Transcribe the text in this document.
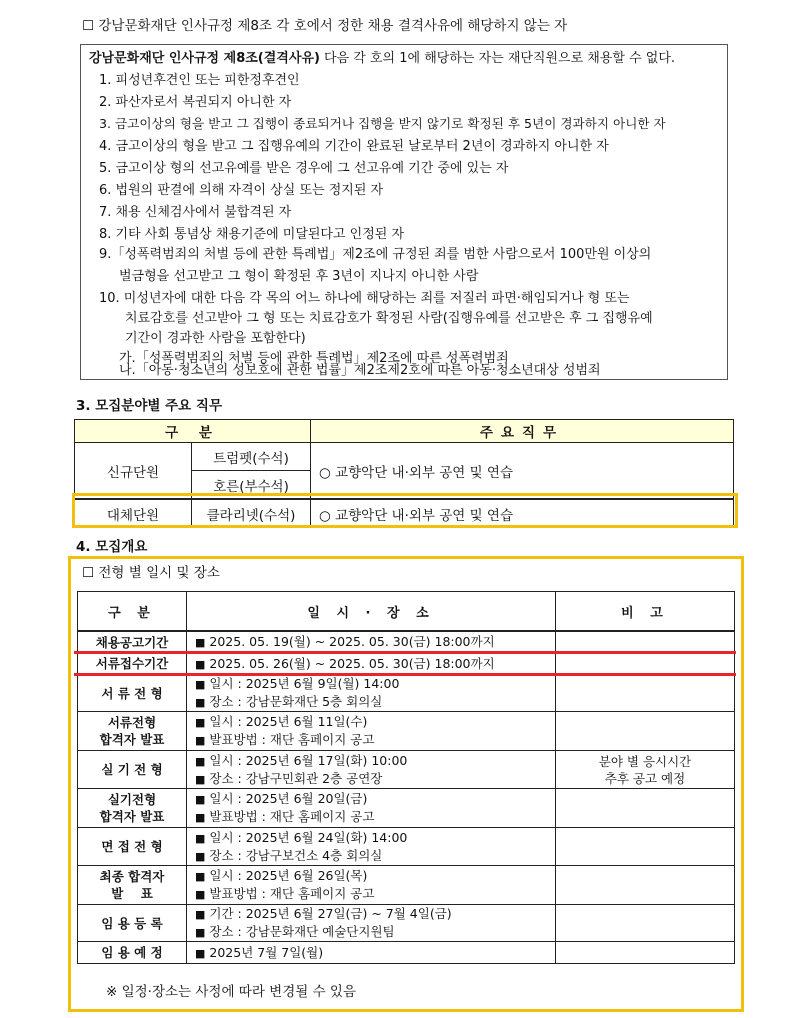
☐ 강남문화재단 인사규정 제8조 각 호에서 정한 채용 결격사유에 해당하지 않는 자
강남문화재단 인사규정 제8조(결격사유) 다음 각 호의 1에 해당하는 자는 재단직원으로 채용할 수 없다.
1. 피성년후견인 또는 피한정후견인
2. 파산자로서 복권되지 아니한 자
3. 금고이상의 형을 받고 그 집행이 종료되거나 집행을 받지 않기로 확정된 후 5년이 경과하지 아니한 자
4. 금고이상의 형을 받고 그 집행유예의 기간이 완료된 날로부터 2년이 경과하지 아니한 자
5. 금고이상 형의 선고유예를 받은 경우에 그 선고유예 기간 중에 있는 자
6. 법원의 판결에 의해 자격이 상실 또는 정지된 자
7. 채용 신체검사에서 불합격된 자
8. 기타 사회 통념상 채용기준에 미달된다고 인정된 자
9.「성폭력범죄의 처벌 등에 관한 특례법」제2조에 규정된 죄를 범한 사람으로서 100만원 이상의
벌금형을 선고받고 그 형이 확정된 후 3년이 지나지 아니한 사람
10. 미성년자에 대한 다음 각 목의 어느 하나에 해당하는 죄를 저질러 파면·해임되거나 형 또는
치료감호를 선고받아 그 형 또는 치료감호가 확정된 사람(집행유예를 선고받은 후 그 집행유예
기간이 경과한 사람을 포함한다)
가.「성폭력범죄의 처벌 등에 관한 특례법」제2조에 따른 성폭력범죄
나.「아동·청소년의 성보호에 관한 법률」제2조제2호에 따른 아동·청소년대상 성범죄
3. 모집분야별 주요 직무
구 분		주요직무
신규단원	트럼펫(수석)	○ 교향악단 내·외부 공연 및 연습
	호른(부수석)	
대체단원	클라리넷(수석)	○ 교향악단 내·외부 공연 및 연습
4. 모집개요
☐ 전형 별 일시 및 장소
구 분	일 시 · 장 소	비 고

채용공고기간	■ 2025. 05. 19(월) ~ 2025. 05. 30(금) 18:00까지	

서류접수기간	■ 2025. 05. 26(월) ~ 2025. 05. 30(금) 18:00까지	

서 류 전 형	■ 일시 : 2025년 6월 9일(월) 14:00
■ 장소 : 강남문화재단 5층 회의실	

서류전형
합격자 발표	■ 일시 : 2025년 6월 11일(수)
■ 발표방법 : 재단 홈페이지 공고	

실 기 전 형	■ 일시 : 2025년 6월 17일(화) 10:00
■ 장소 : 강남구민회관 2층 공연장	분야 별 응시시간
추후 공고 예정

실기전형
합격자 발표	■ 일시 : 2025년 6월 20일(금)
■ 발표방법 : 재단 홈페이지 공고	

면 접 전 형	■ 일시 : 2025년 6월 24일(화) 14:00
■ 장소 : 강남구보건소 4층 회의실	

최종 합격자
발    표	■ 일시 : 2025년 6월 26일(목)
■ 발표방법 : 재단 홈페이지 공고	

임 용 등 록	■ 기간 : 2025년 6월 27일(금) ~ 7월 4일(금)
■ 장소 : 강남문화재단 예술단지원팀	

임 용 예 정	■ 2025년 7월 7일(월)	

※ 일정·장소는 사정에 따라 변경될 수 있음
